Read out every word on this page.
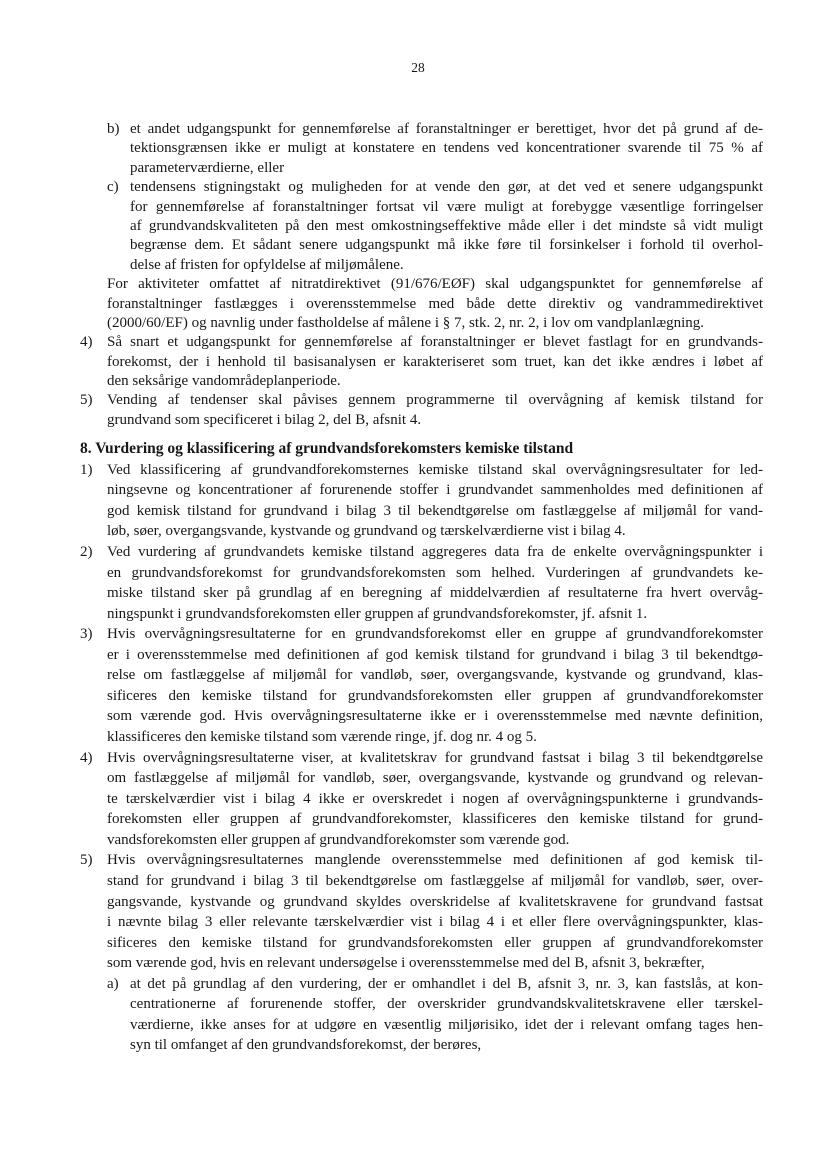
28
b) et andet udgangspunkt for gennemførelse af foranstaltninger er berettiget, hvor det på grund af de-
tektionsgrænsen ikke er muligt at konstatere en tendens ved koncentrationer svarende til 75 % af
parameterværdierne, eller
c) tendensens stigningstakt og muligheden for at vende den gør, at det ved et senere udgangspunkt
for gennemførelse af foranstaltninger fortsat vil være muligt at forebygge væsentlige forringelser
af grundvandskvaliteten på den mest omkostningseffektive måde eller i det mindste så vidt muligt
begrænse dem. Et sådant senere udgangspunkt må ikke føre til forsinkelser i forhold til overhol-
delse af fristen for opfyldelse af miljømålene.
For aktiviteter omfattet af nitratdirektivet (91/676/EØF) skal udgangspunktet for gennemførelse af
foranstaltninger fastlægges i overensstemmelse med både dette direktiv og vandrammedirektivet
(2000/60/EF) og navnlig under fastholdelse af målene i § 7, stk. 2, nr. 2, i lov om vandplanlægning.
4) Så snart et udgangspunkt for gennemførelse af foranstaltninger er blevet fastlagt for en grundvands-
forekomst, der i henhold til basisanalysen er karakteriseret som truet, kan det ikke ændres i løbet af
den seksårige vandområdeplanperiode.
5) Vending af tendenser skal påvises gennem programmerne til overvågning af kemisk tilstand for
grundvand som specificeret i bilag 2, del B, afsnit 4.
8. Vurdering og klassificering af grundvandsforekomsters kemiske tilstand
1) Ved klassificering af grundvandforekomsternes kemiske tilstand skal overvågningsresultater for led-
ningsevne og koncentrationer af forurenende stoffer i grundvandet sammenholdes med definitionen af
god kemisk tilstand for grundvand i bilag 3 til bekendtgørelse om fastlæggelse af miljømål for vand-
løb, søer, overgangsvande, kystvande og grundvand og tærskelværdierne vist i bilag 4.
2) Ved vurdering af grundvandets kemiske tilstand aggregeres data fra de enkelte overvågningspunkter i
en grundvandsforekomst for grundvandsforekomsten som helhed. Vurderingen af grundvandets ke-
miske tilstand sker på grundlag af en beregning af middelværdien af resultaterne fra hvert overvåg-
ningspunkt i grundvandsforekomsten eller gruppen af grundvandsforekomster, jf. afsnit 1.
3) Hvis overvågningsresultaterne for en grundvandsforekomst eller en gruppe af grundvandforekomster
er i overensstemmelse med definitionen af god kemisk tilstand for grundvand i bilag 3 til bekendtgø-
relse om fastlæggelse af miljømål for vandløb, søer, overgangsvande, kystvande og grundvand, klas-
sificeres den kemiske tilstand for grundvandsforekomsten eller gruppen af grundvandforekomster
som værende god. Hvis overvågningsresultaterne ikke er i overensstemmelse med nævnte definition,
klassificeres den kemiske tilstand som værende ringe, jf. dog nr. 4 og 5.
4) Hvis overvågningsresultaterne viser, at kvalitetskrav for grundvand fastsat i bilag 3 til bekendtgørelse
om fastlæggelse af miljømål for vandløb, søer, overgangsvande, kystvande og grundvand og relevan-
te tærskelværdier vist i bilag 4 ikke er overskredet i nogen af overvågningspunkterne i grundvands-
forekomsten eller gruppen af grundvandforekomster, klassificeres den kemiske tilstand for grund-
vandsforekomsten eller gruppen af grundvandforekomster som værende god.
5) Hvis overvågningsresultaternes manglende overensstemmelse med definitionen af god kemisk til-
stand for grundvand i bilag 3 til bekendtgørelse om fastlæggelse af miljømål for vandløb, søer, over-
gangsvande, kystvande og grundvand skyldes overskridelse af kvalitetskravene for grundvand fastsat
i nævnte bilag 3 eller relevante tærskelværdier vist i bilag 4 i et eller flere overvågningspunkter, klas-
sificeres den kemiske tilstand for grundvandsforekomsten eller gruppen af grundvandforekomster
som værende god, hvis en relevant undersøgelse i overensstemmelse med del B, afsnit 3, bekræfter,
a) at det på grundlag af den vurdering, der er omhandlet i del B, afsnit 3, nr. 3, kan fastslås, at kon-
centrationerne af forurenende stoffer, der overskrider grundvandskvalitetskravene eller tærskel-
værdierne, ikke anses for at udgøre en væsentlig miljørisiko, idet der i relevant omfang tages hen-
syn til omfanget af den grundvandsforekomst, der berøres,
